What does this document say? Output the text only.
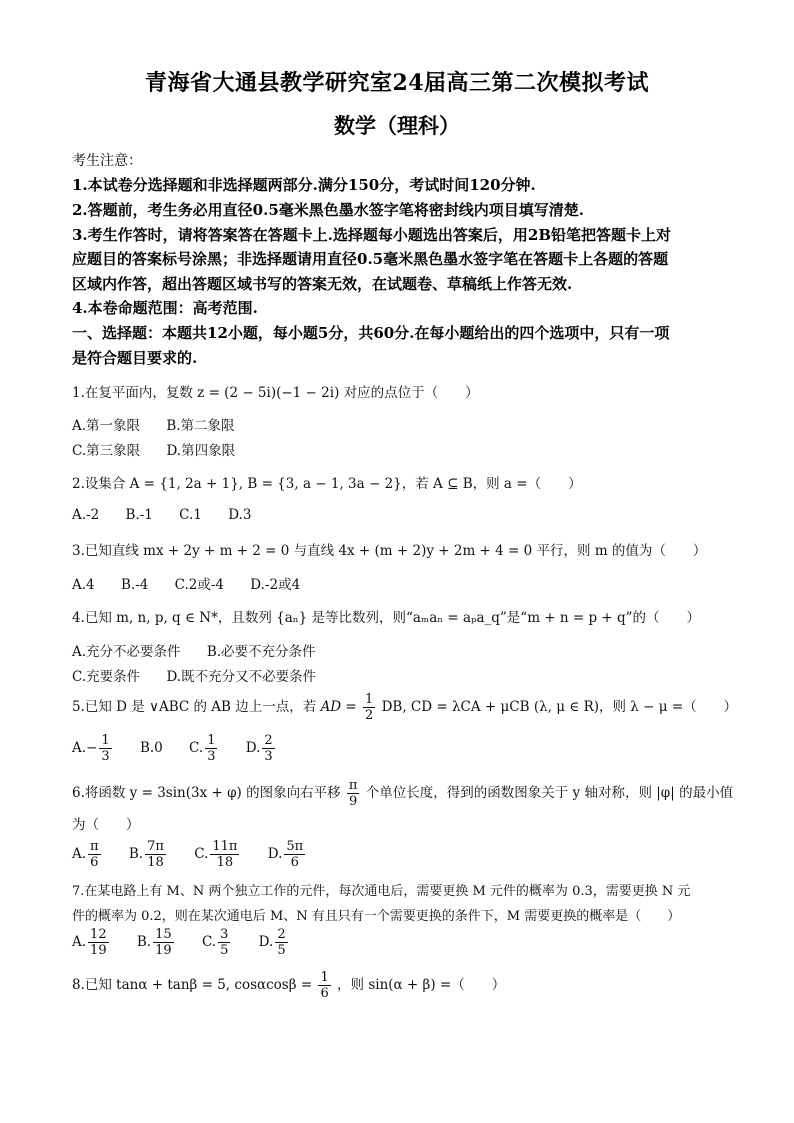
青海省大通县教学研究室24届高三第二次模拟考试
数学（理科）
考生注意：
1.本试卷分选择题和非选择题两部分.满分150分，考试时间120分钟.
2.答题前，考生务必用直径0.5毫米黑色墨水签字笔将密封线内项目填写清楚.
3.考生作答时，请将答案答在答题卡上.选择题每小题选出答案后，用2B铅笔把答题卡上对
应题目的答案标号涂黑；非选择题请用直径0.5毫米黑色墨水签字笔在答题卡上各题的答题
区域内作答，超出答题区域书写的答案无效，在试题卷、草稿纸上作答无效.
4.本卷命题范围：高考范围.
一、选择题：本题共12小题，每小题5分，共60分.在每小题给出的四个选项中，只有一项
是符合题目要求的.
1.在复平面内，复数 z = (2 − 5i)(−1 − 2i) 对应的点位于（　　）
A.第一象限 B.第二象限
C.第三象限 D.第四象限
2.设集合 A = {1, 2a + 1}, B = {3, a − 1, 3a − 2}，若 A ⊆ B，则 a =（　　）
A.-2 B.-1 C.1 D.3
3.已知直线 mx + 2y + m + 2 = 0 与直线 4x + (m + 2)y + 2m + 4 = 0 平行，则 m 的值为（　　）
A.4 B.-4 C.2或-4 D.-2或4
4.已知 m, n, p, q ∈ N*，且数列 {aₙ} 是等比数列，则“aₘaₙ = aₚa_q”是“m + n = p + q”的（　　）
A.充分不必要条件 B.必要不充分条件
C.充要条件 D.既不充分又不必要条件
5.已知 D 是 ∨ABC 的 AB 边上一点，若 AD = $\frac{1}{2}$ DB, CD = λCA + μCB (λ, μ ∈ R)，则 λ − μ =（　　）
$A.- \frac{1}{3} B.0$ C. $\frac{1}{3} D$. $\frac{2}{3}$
6.将函数 y = 3sin(3x + φ) 的图象向右平移 $\frac{\pi}{9}$ 个单位长度，得到的函数图象关于 y 轴对称，则 |φ| 的最小值
为（　　）
A. $\frac{\pi}{6} B$. $\frac{7\pi}{18} C$. $\frac{11\pi}{18} D$. $\frac{5\pi}{6}$
7.在某电路上有 M、N 两个独立工作的元件，每次通电后，需要更换 M 元件的概率为 0.3，需要更换 N 元
件的概率为 0.2，则在某次通电后 M、N 有且只有一个需要更换的条件下，M 需要更换的概率是（　　）
A. $\frac{12}{19} B$. $\frac{15}{19} C$. $\frac{3}{5} D$. $\frac{2}{5}$
8.已知 tanα + tanβ = 5, $\cos\alpha\cos\beta = \frac{1}{6}$ ，则 sin(α + β) =（　　）
